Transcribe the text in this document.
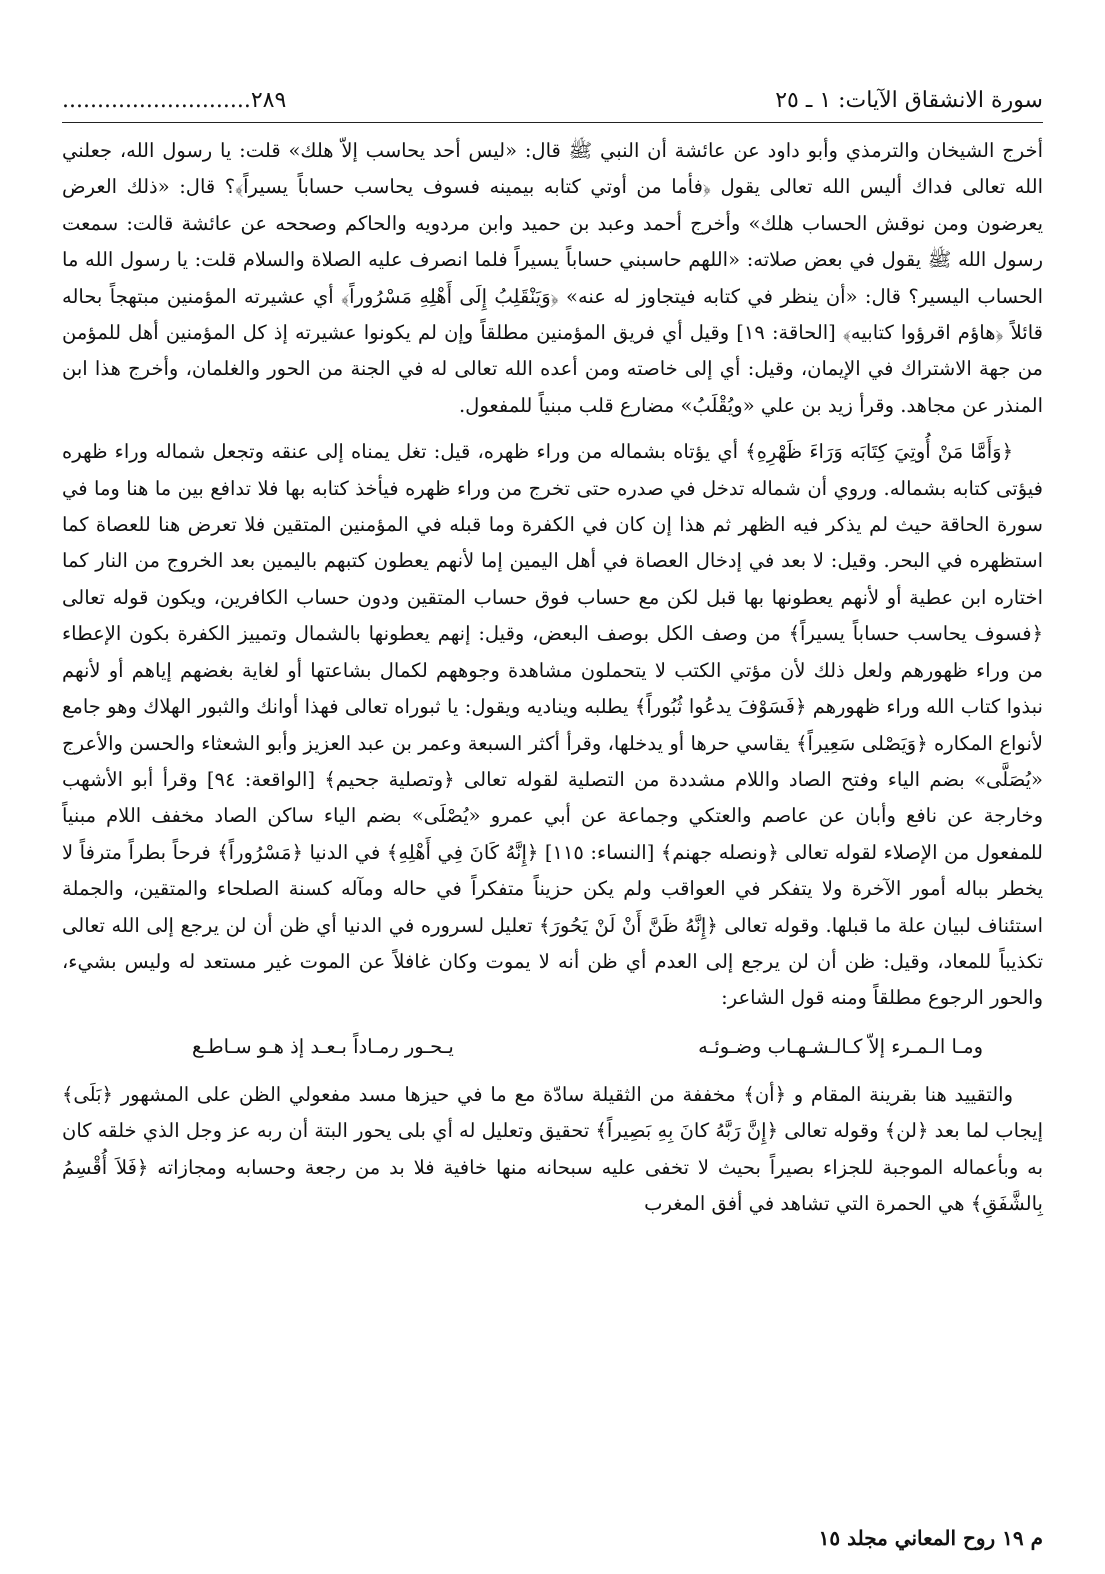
سورة الانشقاق الآيات: ١ ـ ٢٥
٢٨٩...........................

أخرج الشيخان والترمذي وأبو داود عن عائشة أن النبي ﷺ قال: «ليس أحد يحاسب إلاّ هلك» قلت: يا رسول الله، جعلني الله تعالى فداك أليس الله تعالى يقول ﴿فأما من أوتي كتابه بيمينه فسوف يحاسب حساباً يسيراً﴾؟ قال: «ذلك العرض يعرضون ومن نوقش الحساب هلك» وأخرج أحمد وعبد بن حميد وابن مردويه والحاكم وصححه عن عائشة قالت: سمعت رسول الله ﷺ يقول في بعض صلاته: «اللهم حاسبني حساباً يسيراً فلما انصرف عليه الصلاة والسلام قلت: يا رسول الله ما الحساب اليسير؟ قال: «أن ينظر في كتابه فيتجاوز له عنه» ﴿وَيَنْقَلِبُ إِلَى أَهْلِهِ مَسْرُوراً﴾ أي عشيرته المؤمنين مبتهجاً بحاله قائلاً ﴿هاؤم اقرؤوا كتابيه﴾ [الحاقة: ١٩] وقيل أي فريق المؤمنين مطلقاً وإن لم يكونوا عشيرته إذ كل المؤمنين أهل للمؤمن من جهة الاشتراك في الإيمان، وقيل: أي إلى خاصته ومن أعده الله تعالى له في الجنة من الحور والغلمان، وأخرج هذا ابن المنذر عن مجاهد. وقرأ زيد بن علي «ويُقْلَبُ» مضارع قلب مبنياً للمفعول.

﴿وَأَمَّا مَنْ أُوتِيَ كِتَابَه وَرَاءَ ظَهْرِهِ﴾ أي يؤتاه بشماله من وراء ظهره، قيل: تغل يمناه إلى عنقه وتجعل شماله وراء ظهره فيؤتى كتابه بشماله. وروي أن شماله تدخل في صدره حتى تخرج من وراء ظهره فيأخذ كتابه بها فلا تدافع بين ما هنا وما في سورة الحاقة حيث لم يذكر فيه الظهر ثم هذا إن كان في الكفرة وما قبله في المؤمنين المتقين فلا تعرض هنا للعصاة كما استظهره في البحر. وقيل: لا بعد في إدخال العصاة في أهل اليمين إما لأنهم يعطون كتبهم باليمين بعد الخروج من النار كما اختاره ابن عطية أو لأنهم يعطونها بها قبل لكن مع حساب فوق حساب المتقين ودون حساب الكافرين، ويكون قوله تعالى ﴿فسوف يحاسب حساباً يسيراً﴾ من وصف الكل بوصف البعض، وقيل: إنهم يعطونها بالشمال وتمييز الكفرة بكون الإعطاء من وراء ظهورهم ولعل ذلك لأن مؤتي الكتب لا يتحملون مشاهدة وجوههم لكمال بشاعتها أو لغاية بغضهم إياهم أو لأنهم نبذوا كتاب الله وراء ظهورهم ﴿فَسَوْفَ يدعُوا ثُبُوراً﴾ يطلبه ويناديه ويقول: يا ثبوراه تعالى فهذا أوانك والثبور الهلاك وهو جامع لأنواع المكاره ﴿وَيَصْلى سَعِيراً﴾ يقاسي حرها أو يدخلها، وقرأ أكثر السبعة وعمر بن عبد العزيز وأبو الشعثاء والحسن والأعرج «يُصَلَّى» بضم الياء وفتح الصاد واللام مشددة من التصلية لقوله تعالى ﴿وتصلية جحيم﴾ [الواقعة: ٩٤] وقرأ أبو الأشهب وخارجة عن نافع وأبان عن عاصم والعتكي وجماعة عن أبي عمرو «يُصْلَى» بضم الياء ساكن الصاد مخفف اللام مبنياً للمفعول من الإصلاء لقوله تعالى ﴿ونصله جهنم﴾ [النساء: ١١٥] ﴿إِنَّهُ كَانَ فِي أَهْلِهِ﴾ في الدنيا ﴿مَسْرُوراً﴾ فرحاً بطراً مترفاً لا يخطر بباله أمور الآخرة ولا يتفكر في العواقب ولم يكن حزيناً متفكراً في حاله ومآله كسنة الصلحاء والمتقين، والجملة استئناف لبيان علة ما قبلها. وقوله تعالى ﴿إِنَّهُ ظَنَّ أَنْ لَنْ يَحُورَ﴾ تعليل لسروره في الدنيا أي ظن أن لن يرجع إلى الله تعالى تكذيباً للمعاد، وقيل: ظن أن لن يرجع إلى العدم أي ظن أنه لا يموت وكان غافلاً عن الموت غير مستعد له وليس بشيء، والحور الرجوع مطلقاً ومنه قول الشاعر:

ومـا الـمـرء إلاّ كـالـشـهـاب وضـوئـه
يـحـور رمـاداً بـعـد إذ هـو سـاطـع

والتقييد هنا بقرينة المقام و ﴿أن﴾ مخففة من الثقيلة سادّة مع ما في حيزها مسد مفعولي الظن على المشهور ﴿بَلَى﴾ إيجاب لما بعد ﴿لن﴾ وقوله تعالى ﴿إِنَّ رَبَّهُ كانَ بِهِ بَصِيراً﴾ تحقيق وتعليل له أي بلى يحور البتة أن ربه عز وجل الذي خلقه كان به وبأعماله الموجبة للجزاء بصيراً بحيث لا تخفى عليه سبحانه منها خافية فلا بد من رجعة وحسابه ومجازاته ﴿فَلاَ أُقْسِمُ بِالشَّفَقِ﴾ هي الحمرة التي تشاهد في أفق المغرب

م ١٩ روح المعاني مجلد ١٥
